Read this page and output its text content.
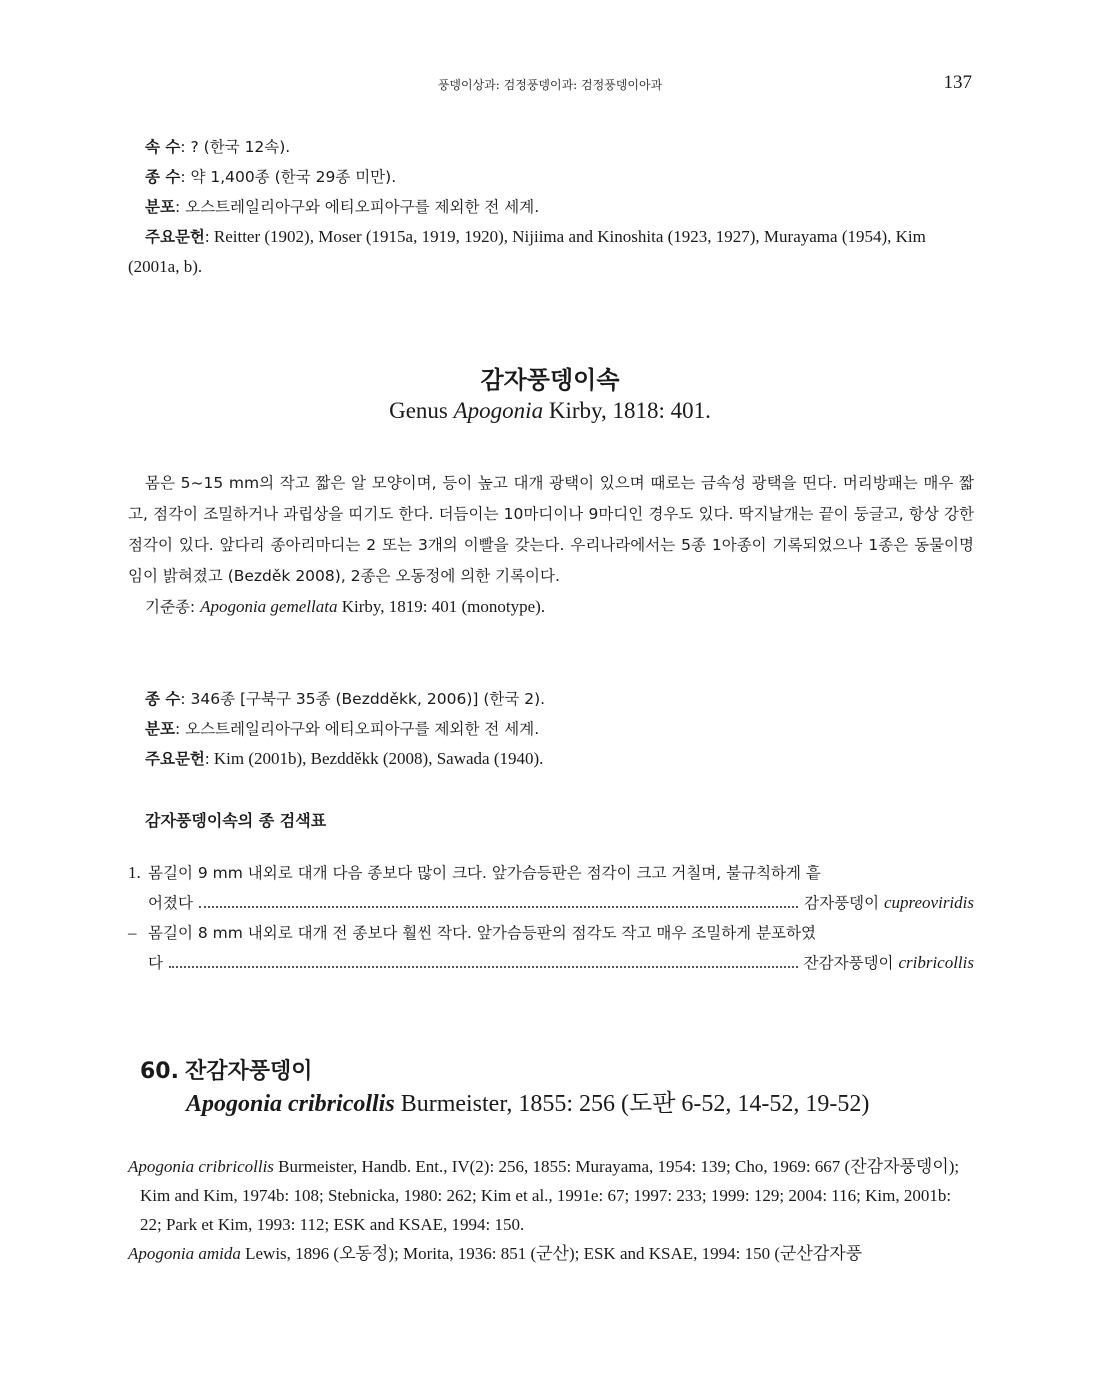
풍뎅이상과: 검정풍뎅이과: 검정풍뎅이아과	137
속 수: ? (한국 12속).
종 수: 약 1,400종 (한국 29종 미만).
분포: 오스트레일리아구와 에티오피아구를 제외한 전 세계.
주요문헌: Reitter (1902), Moser (1915a, 1919, 1920), Nijiima and Kinoshita (1923, 1927), Murayama (1954), Kim (2001a, b).
감자풍뎅이속
Genus Apogonia Kirby, 1818: 401.

몸은 5~15 mm의 작고 짧은 알 모양이며, 등이 높고 대개 광택이 있으며 때로는 금속성 광택을 띤다. 머리방패는 매우 짧고, 점각이 조밀하거나 과립상을 띠기도 한다. 더듬이는 10마디이나 9마디인 경우도 있다. 딱지날개는 끝이 둥글고, 항상 강한 점각이 있다. 앞다리 종아리마디는 2 또는 3개의 이빨을 갖는다. 우리나라에서는 5종 1아종이 기록되었으나 1종은 동물이명임이 밝혀졌고 (Bezděk 2008), 2종은 오동정에 의한 기록이다.

기준종: Apogonia gemellata Kirby, 1819: 401 (monotype).
종 수: 346종 [구북구 35종 (Bezdděkk, 2006)] (한국 2).
분포: 오스트레일리아구와 에티오피아구를 제외한 전 세계.
주요문헌: Kim (2001b), Bezdděkk (2008), Sawada (1940).
감자풍뎅이속의 종 검색표
1. 몸길이 9 mm 내외로 대개 다음 종보다 많이 크다. 앞가슴등판은 점각이 크고 거칠며, 불규칙하게 흩
어졌다	감자풍뎅이 cupreoviridis
– 몸길이 8 mm 내외로 대개 전 종보다 훨씬 작다. 앞가슴등판의 점각도 작고 매우 조밀하게 분포하였
다	잔감자풍뎅이 cribricollis
60. 잔감자풍뎅이
Apogonia cribricollis Burmeister, 1855: 256 (도판 6-52, 14-52, 19-52)

Apogonia cribricollis Burmeister, Handb. Ent., IV(2): 256, 1855: Murayama, 1954: 139; Cho, 1969: 667 (잔감자풍뎅이); Kim and Kim, 1974b: 108; Stebnicka, 1980: 262; Kim et al., 1991e: 67; 1997: 233; 1999: 129; 2004: 116; Kim, 2001b: 22; Park et Kim, 1993: 112; ESK and KSAE, 1994: 150.

Apogonia amida Lewis, 1896 (오동정); Morita, 1936: 851 (군산); ESK and KSAE, 1994: 150 (군산감자풍
